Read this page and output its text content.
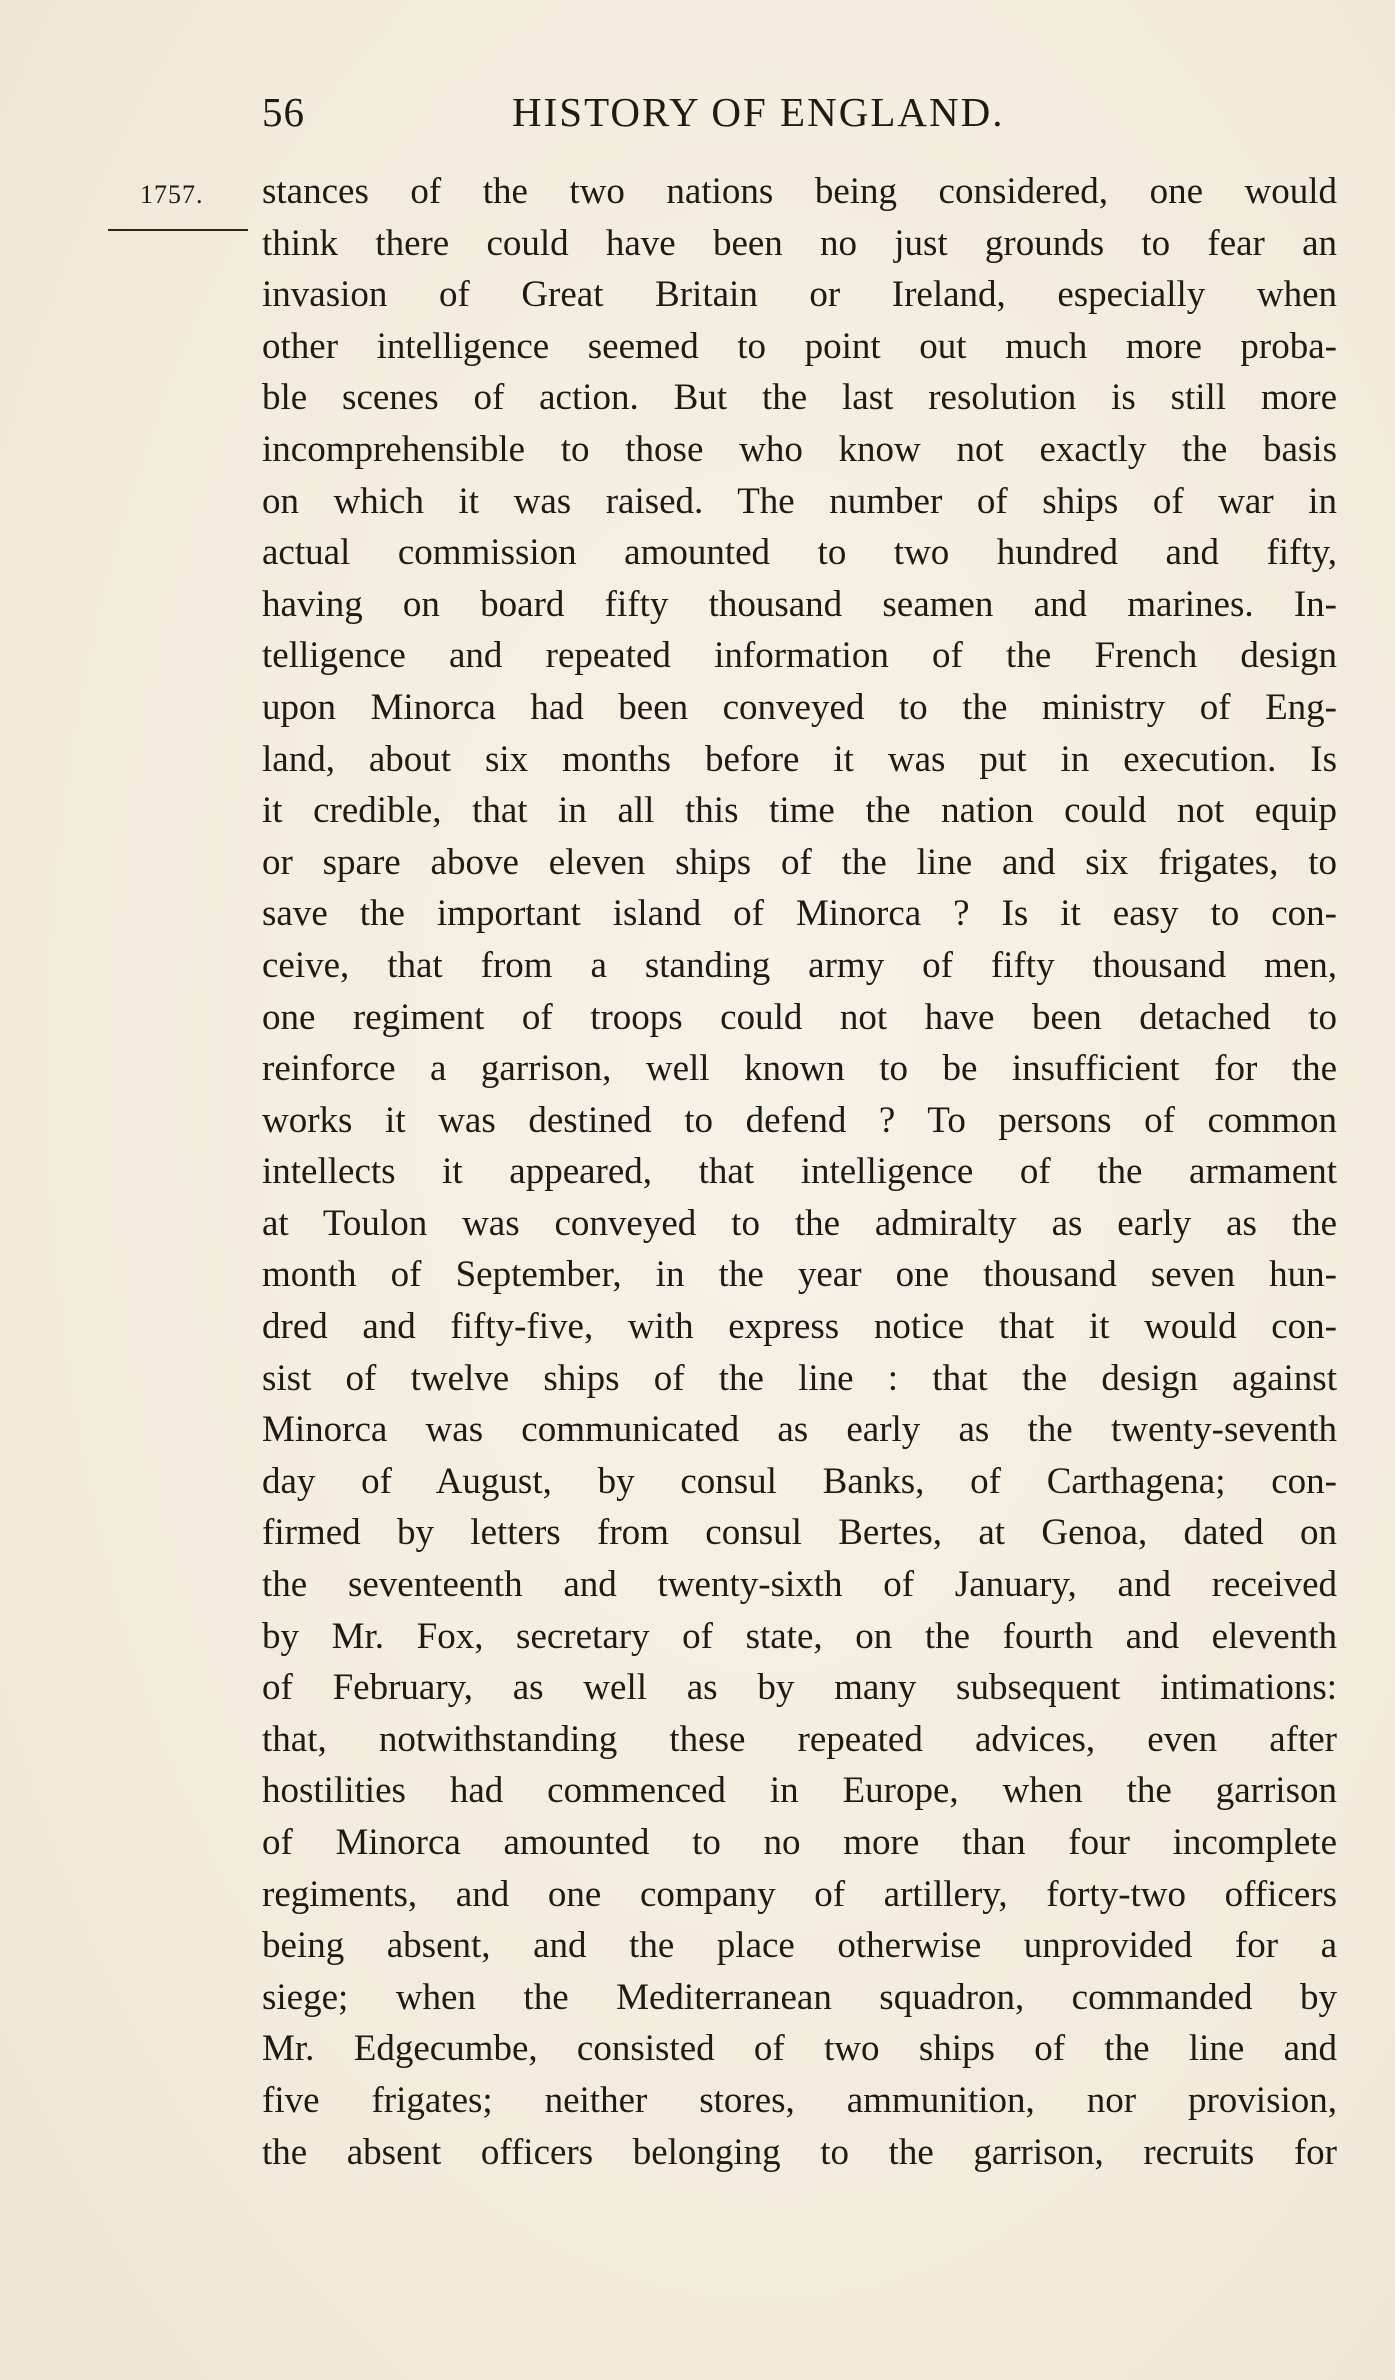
56	HISTORY OF ENGLAND.
1757. stances of the two nations being considered, one would
think there could have been no just grounds to fear an
invasion of Great Britain or Ireland, especially when
other intelligence seemed to point out much more proba-
ble scenes of action. But the last resolution is still more
incomprehensible to those who know not exactly the basis
on which it was raised. The number of ships of war in
actual commission amounted to two hundred and fifty,
having on board fifty thousand seamen and marines. In-
telligence and repeated information of the French design
upon Minorca had been conveyed to the ministry of Eng-
land, about six months before it was put in execution. Is
it credible, that in all this time the nation could not equip
or spare above eleven ships of the line and six frigates, to
save the important island of Minorca ? Is it easy to con-
ceive, that from a standing army of fifty thousand men,
one regiment of troops could not have been detached to
reinforce a garrison, well known to be insufficient for the
works it was destined to defend ? To persons of common
intellects it appeared, that intelligence of the armament
at Toulon was conveyed to the admiralty as early as the
month of September, in the year one thousand seven hun-
dred and fifty-five, with express notice that it would con-
sist of twelve ships of the line : that the design against
Minorca was communicated as early as the twenty-seventh
day of August, by consul Banks, of Carthagena; con-
firmed by letters from consul Bertes, at Genoa, dated on
the seventeenth and twenty-sixth of January, and received
by Mr. Fox, secretary of state, on the fourth and eleventh
of February, as well as by many subsequent intimations:
that, notwithstanding these repeated advices, even after
hostilities had commenced in Europe, when the garrison
of Minorca amounted to no more than four incomplete
regiments, and one company of artillery, forty-two officers
being absent, and the place otherwise unprovided for a
siege; when the Mediterranean squadron, commanded by
Mr. Edgecumbe, consisted of two ships of the line and
five frigates; neither stores, ammunition, nor provision,
the absent officers belonging to the garrison, recruits for
